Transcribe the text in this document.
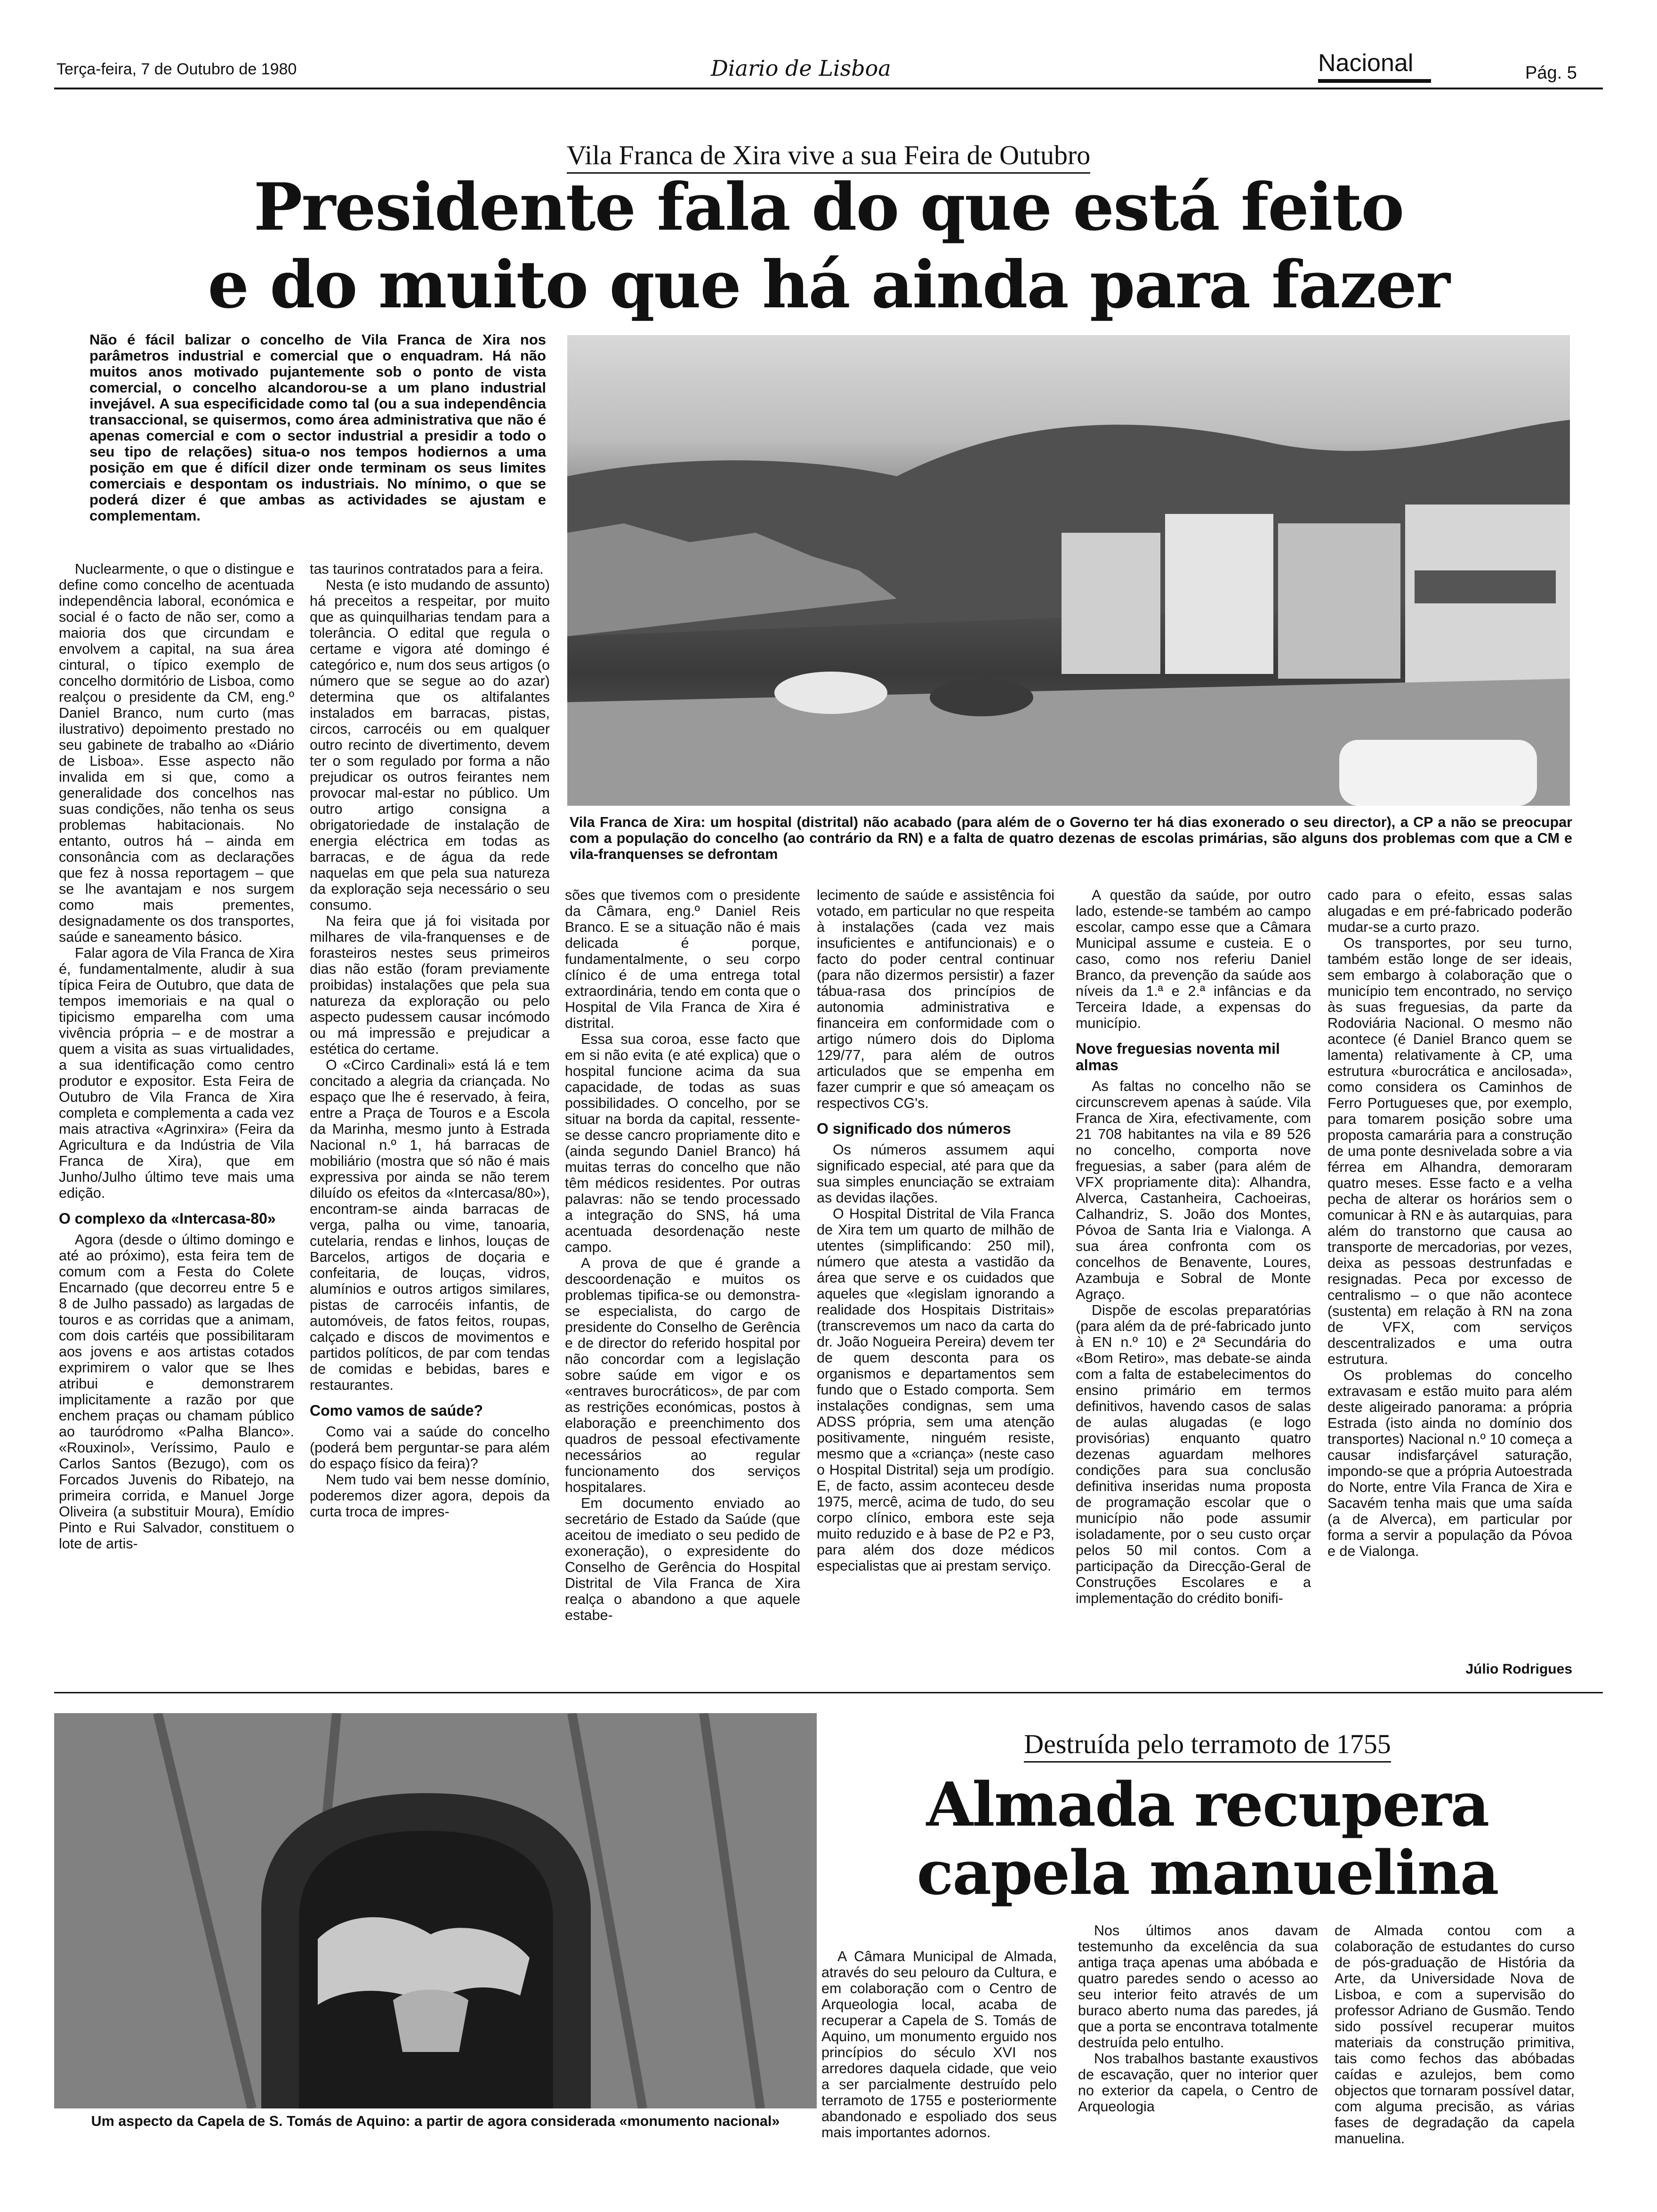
Terça-feira, 7 de Outubro de 1980	Diario de Lisboa	Nacional	Pág. 5
Vila Franca de Xira vive a sua Feira de Outubro
Presidente fala do que está feito
e do muito que há ainda para fazer
Não é fácil balizar o concelho de Vila Franca de Xira nos parâmetros industrial e comercial que o enquadram. Há não muitos anos motivado pujantemente sob o ponto de vista comercial, o concelho alcandorou-se a um plano industrial invejável. A sua especificidade como tal (ou a sua independência transaccional, se quisermos, como área administrativa que não é apenas comercial e com o sector industrial a presidir a todo o seu tipo de relações) situa-o nos tempos hodiernos a uma posição em que é difícil dizer onde terminam os seus limites comerciais e despontam os industriais. No mínimo, o que se poderá dizer é que ambas as actividades se ajustam e complementam.
Vila Franca de Xira: um hospital (distrital) não acabado (para além de o Governo ter há dias exonerado o seu director), a CP a não se preocupar com a população do concelho (ao contrário da RN) e a falta de quatro dezenas de escolas primárias, são alguns dos problemas com que a CM e vila-franquenses se defrontam

Nuclearmente, o que o distingue e define como concelho de acentuada independência laboral, económica e social é o facto de não ser, como a maioria dos que circundam e envolvem a capital, na sua área cintural, o típico exemplo de concelho dormitório de Lisboa, como realçou o presidente da CM, eng.º Daniel Branco, num curto (mas ilustrativo) depoimento prestado no seu gabinete de trabalho ao «Diário de Lisboa». Esse aspecto não invalida em si que, como a generalidade dos concelhos nas suas condições, não tenha os seus problemas habitacionais. No entanto, outros há – ainda em consonância com as declarações que fez à nossa reportagem – que se lhe avantajam e nos surgem como mais prementes, designadamente os dos transportes, saúde e saneamento básico.

Falar agora de Vila Franca de Xira é, fundamentalmente, aludir à sua típica Feira de Outubro, que data de tempos imemoriais e na qual o tipicismo emparelha com uma vivência própria – e de mostrar a quem a visita as suas virtualidades, a sua identificação como centro produtor e expositor. Esta Feira de Outubro de Vila Franca de Xira completa e complementa a cada vez mais atractiva «Agrinxira» (Feira da Agricultura e da Indústria de Vila Franca de Xira), que em Junho/Julho último teve mais uma edição.

O complexo da «Intercasa-80»

Agora (desde o último domingo e até ao próximo), esta feira tem de comum com a Festa do Colete Encarnado (que decorreu entre 5 e 8 de Julho passado) as largadas de touros e as corridas que a animam, com dois cartéis que possibilitaram aos jovens e aos artistas cotados exprimirem o valor que se lhes atribui e demonstrarem implicitamente a razão por que enchem praças ou chamam público ao tauródromo «Palha Blanco». «Rouxinol», Veríssimo, Paulo e Carlos Santos (Bezugo), com os Forcados Juvenis do Ribatejo, na primeira corrida, e Manuel Jorge Oliveira (a substituir Moura), Emídio Pinto e Rui Salvador, constituem o lote de artis-

tas taurinos contratados para a feira.

Nesta (e isto mudando de assunto) há preceitos a respeitar, por muito que as quinquilharias tendam para a tolerância. O edital que regula o certame e vigora até domingo é categórico e, num dos seus artigos (o número que se segue ao do azar) determina que os altifalantes instalados em barracas, pistas, circos, carrocéis ou em qualquer outro recinto de divertimento, devem ter o som regulado por forma a não prejudicar os outros feirantes nem provocar mal-estar no público. Um outro artigo consigna a obrigatoriedade de instalação de energia eléctrica em todas as barracas, e de água da rede naquelas em que pela sua natureza da exploração seja necessário o seu consumo.

Na feira que já foi visitada por milhares de vila-franquenses e de forasteiros nestes seus primeiros dias não estão (foram previamente proibidas) instalações que pela sua natureza da exploração ou pelo aspecto pudessem causar incómodo ou má impressão e prejudicar a estética do certame.

O «Circo Cardinali» está lá e tem concitado a alegria da criançada. No espaço que lhe é reservado, à feira, entre a Praça de Touros e a Escola da Marinha, mesmo junto à Estrada Nacional n.º 1, há barracas de mobiliário (mostra que só não é mais expressiva por ainda se não terem diluído os efeitos da «Intercasa/80»), encontram-se ainda barracas de verga, palha ou vime, tanoaria, cutelaria, rendas e linhos, louças de Barcelos, artigos de doçaria e confeitaria, de louças, vidros, alumínios e outros artigos similares, pistas de carrocéis infantis, de automóveis, de fatos feitos, roupas, calçado e discos de movimentos e partidos políticos, de par com tendas de comidas e bebidas, bares e restaurantes.

Como vamos de saúde?

Como vai a saúde do concelho (poderá bem perguntar-se para além do espaço físico da feira)?

Nem tudo vai bem nesse domínio, poderemos dizer agora, depois da curta troca de impres-

sões que tivemos com o presidente da Câmara, eng.º Daniel Reis Branco. E se a situação não é mais delicada é porque, fundamentalmente, o seu corpo clínico é de uma entrega total extraordinária, tendo em conta que o Hospital de Vila Franca de Xira é distrital.

Essa sua coroa, esse facto que em si não evita (e até explica) que o hospital funcione acima da sua capacidade, de todas as suas possibilidades. O concelho, por se situar na borda da capital, ressente-se desse cancro propriamente dito e (ainda segundo Daniel Branco) há muitas terras do concelho que não têm médicos residentes. Por outras palavras: não se tendo processado a integração do SNS, há uma acentuada desordenação neste campo.

A prova de que é grande a descoordenação e muitos os problemas tipifica-se ou demonstra-se especialista, do cargo de presidente do Conselho de Gerência e de director do referido hospital por não concordar com a legislação sobre saúde em vigor e os «entraves burocráticos», de par com as restrições económicas, postos à elaboração e preenchimento dos quadros de pessoal efectivamente necessários ao regular funcionamento dos serviços hospitalares.

Em documento enviado ao secretário de Estado da Saúde (que aceitou de imediato o seu pedido de exoneração), o expresidente do Conselho de Gerência do Hospital Distrital de Vila Franca de Xira realça o abandono a que aquele estabe-

lecimento de saúde e assistência foi votado, em particular no que respeita à instalações (cada vez mais insuficientes e antifuncionais) e o facto do poder central continuar (para não dizermos persistir) a fazer tábua-rasa dos princípios de autonomia administrativa e financeira em conformidade com o artigo número dois do Diploma 129/77, para além de outros articulados que se empenha em fazer cumprir e que só ameaçam os respectivos CG's.

O significado dos números

Os números assumem aqui significado especial, até para que da sua simples enunciação se extraiam as devidas ilações.

O Hospital Distrital de Vila Franca de Xira tem um quarto de milhão de utentes (simplificando: 250 mil), número que atesta a vastidão da área que serve e os cuidados que aqueles que «legislam ignorando a realidade dos Hospitais Distritais» (transcrevemos um naco da carta do dr. João Nogueira Pereira) devem ter de quem desconta para os organismos e departamentos sem fundo que o Estado comporta. Sem instalações condignas, sem uma ADSS própria, sem uma atenção positivamente, ninguém resiste, mesmo que a «criança» (neste caso o Hospital Distrital) seja um prodígio. E, de facto, assim aconteceu desde 1975, mercê, acima de tudo, do seu corpo clínico, embora este seja muito reduzido e à base de P2 e P3, para além dos doze médicos especialistas que ai prestam serviço.

A questão da saúde, por outro lado, estende-se também ao campo escolar, campo esse que a Câmara Municipal assume e custeia. E o caso, como nos referiu Daniel Branco, da prevenção da saúde aos níveis da 1.ª e 2.ª infâncias e da Terceira Idade, a expensas do município.

Nove freguesias noventa mil almas

As faltas no concelho não se circunscrevem apenas à saúde. Vila Franca de Xira, efectivamente, com 21 708 habitantes na vila e 89 526 no concelho, comporta nove freguesias, a saber (para além de VFX propriamente dita): Alhandra, Alverca, Castanheira, Cachoeiras, Calhandriz, S. João dos Montes, Póvoa de Santa Iria e Vialonga. A sua área confronta com os concelhos de Benavente, Loures, Azambuja e Sobral de Monte Agraço.

Dispõe de escolas preparatórias (para além da de pré-fabricado junto à EN n.º 10) e 2ª Secundária do «Bom Retiro», mas debate-se ainda com a falta de estabelecimentos do ensino primário em termos definitivos, havendo casos de salas de aulas alugadas (e logo provisórias) enquanto quatro dezenas aguardam melhores condições para sua conclusão definitiva inseridas numa proposta de programação escolar que o município não pode assumir isoladamente, por o seu custo orçar pelos 50 mil contos. Com a participação da Direcção-Geral de Construções Escolares e a implementação do crédito bonifi-

cado para o efeito, essas salas alugadas e em pré-fabricado poderão mudar-se a curto prazo.

Os transportes, por seu turno, também estão longe de ser ideais, sem embargo à colaboração que o município tem encontrado, no serviço às suas freguesias, da parte da Rodoviária Nacional. O mesmo não acontece (é Daniel Branco quem se lamenta) relativamente à CP, uma estrutura «burocrática e ancilosada», como considera os Caminhos de Ferro Portugueses que, por exemplo, para tomarem posição sobre uma proposta camarária para a construção de uma ponte desnivelada sobre a via férrea em Alhandra, demoraram quatro meses. Esse facto e a velha pecha de alterar os horários sem o comunicar à RN e às autarquias, para além do transtorno que causa ao transporte de mercadorias, por vezes, deixa as pessoas destrunfadas e resignadas. Peca por excesso de centralismo – o que não acontece (sustenta) em relação à RN na zona de VFX, com serviços descentralizados e uma outra estrutura.

Os problemas do concelho extravasam e estão muito para além deste aligeirado panorama: a própria Estrada (isto ainda no domínio dos transportes) Nacional n.º 10 começa a causar indisfarçável saturação, impondo-se que a própria Autoestrada do Norte, entre Vila Franca de Xira e Sacavém tenha mais que uma saída (a de Alverca), em particular por forma a servir a população da Póvoa e de Vialonga.

Júlio Rodrigues
Um aspecto da Capela de S. Tomás de Aquino: a partir de agora considerada «monumento nacional»
Destruída pelo terramoto de 1755
Almada recupera
capela manuelina

A Câmara Municipal de Almada, através do seu pelouro da Cultura, e em colaboração com o Centro de Arqueologia local, acaba de recuperar a Capela de S. Tomás de Aquino, um monumento erguido nos princípios do século XVI nos arredores daquela cidade, que veio a ser parcialmente destruído pelo terramoto de 1755 e posteriormente abandonado e espoliado dos seus mais importantes adornos.

Nos últimos anos davam testemunho da excelência da sua antiga traça apenas uma abóbada e quatro paredes sendo o acesso ao seu interior feito através de um buraco aberto numa das paredes, já que a porta se encontrava totalmente destruída pelo entulho.

Nos trabalhos bastante exaustivos de escavação, quer no interior quer no exterior da capela, o Centro de Arqueologia

de Almada contou com a colaboração de estudantes do curso de pós-graduação de História da Arte, da Universidade Nova de Lisboa, e com a supervisão do professor Adriano de Gusmão. Tendo sido possível recuperar muitos materiais da construção primitiva, tais como fechos das abóbadas caídas e azulejos, bem como objectos que tornaram possível datar, com alguma precisão, as várias fases de degradação da capela manuelina.
